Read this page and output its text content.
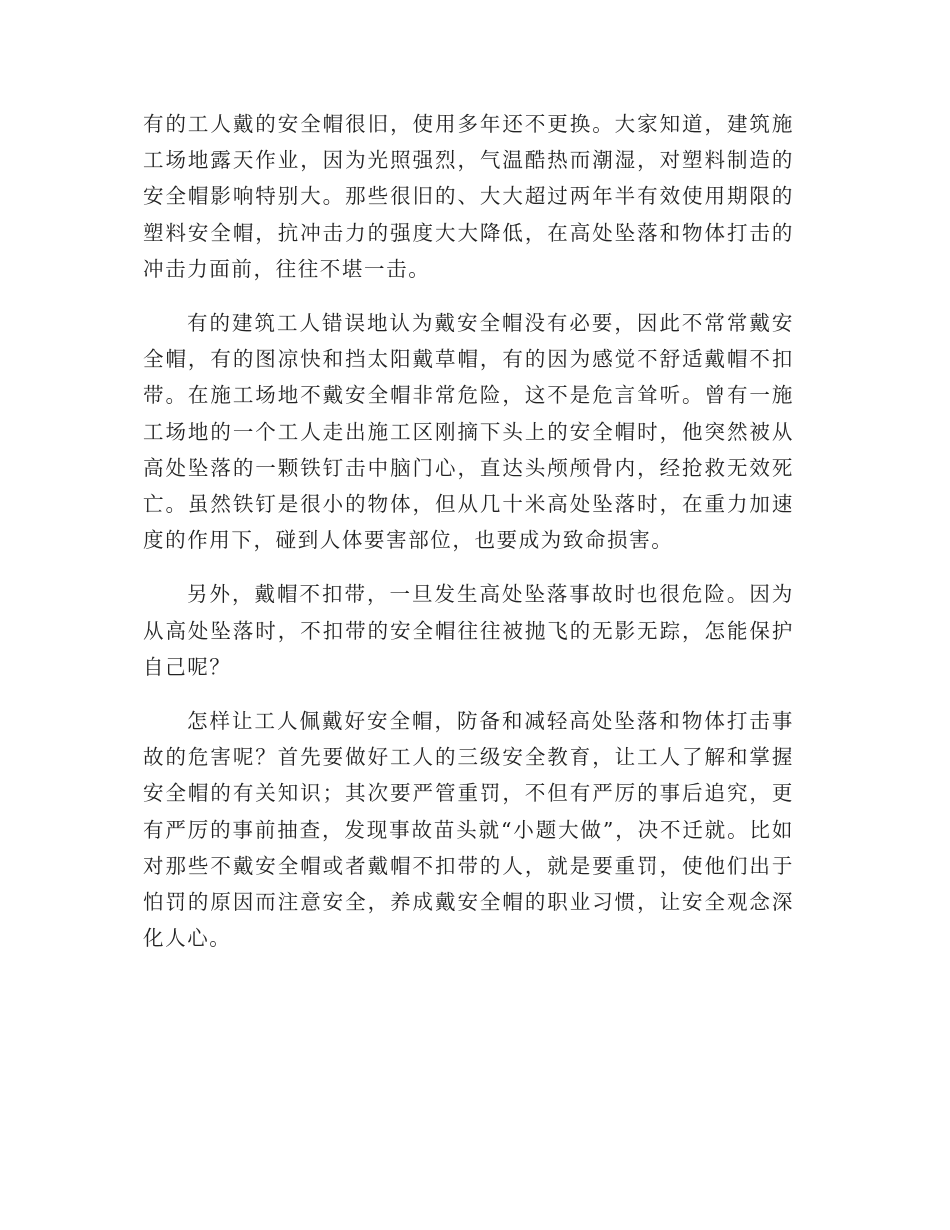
有的工人戴的安全帽很旧，使用多年还不更换。大家知道，建筑施工场地露天作业，因为光照强烈，气温酷热而潮湿，对塑料制造的安全帽影响特别大。那些很旧的、大大超过两年半有效使用期限的塑料安全帽，抗冲击力的强度大大降低，在高处坠落和物体打击的冲击力面前，往往不堪一击。

有的建筑工人错误地认为戴安全帽没有必要，因此不常常戴安全帽，有的图凉快和挡太阳戴草帽，有的因为感觉不舒适戴帽不扣带。在施工场地不戴安全帽非常危险，这不是危言耸听。曾有一施工场地的一个工人走出施工区刚摘下头上的安全帽时，他突然被从高处坠落的一颗铁钉击中脑门心，直达头颅颅骨内，经抢救无效死亡。虽然铁钉是很小的物体，但从几十米高处坠落时，在重力加速度的作用下，碰到人体要害部位，也要成为致命损害。

另外，戴帽不扣带，一旦发生高处坠落事故时也很危险。因为从高处坠落时，不扣带的安全帽往往被抛飞的无影无踪，怎能保护自己呢？

怎样让工人佩戴好安全帽，防备和减轻高处坠落和物体打击事故的危害呢？首先要做好工人的三级安全教育，让工人了解和掌握安全帽的有关知识；其次要严管重罚，不但有严厉的事后追究，更有严厉的事前抽查，发现事故苗头就“小题大做”，决不迁就。比如对那些不戴安全帽或者戴帽不扣带的人，就是要重罚，使他们出于怕罚的原因而注意安全，养成戴安全帽的职业习惯，让安全观念深化人心。
